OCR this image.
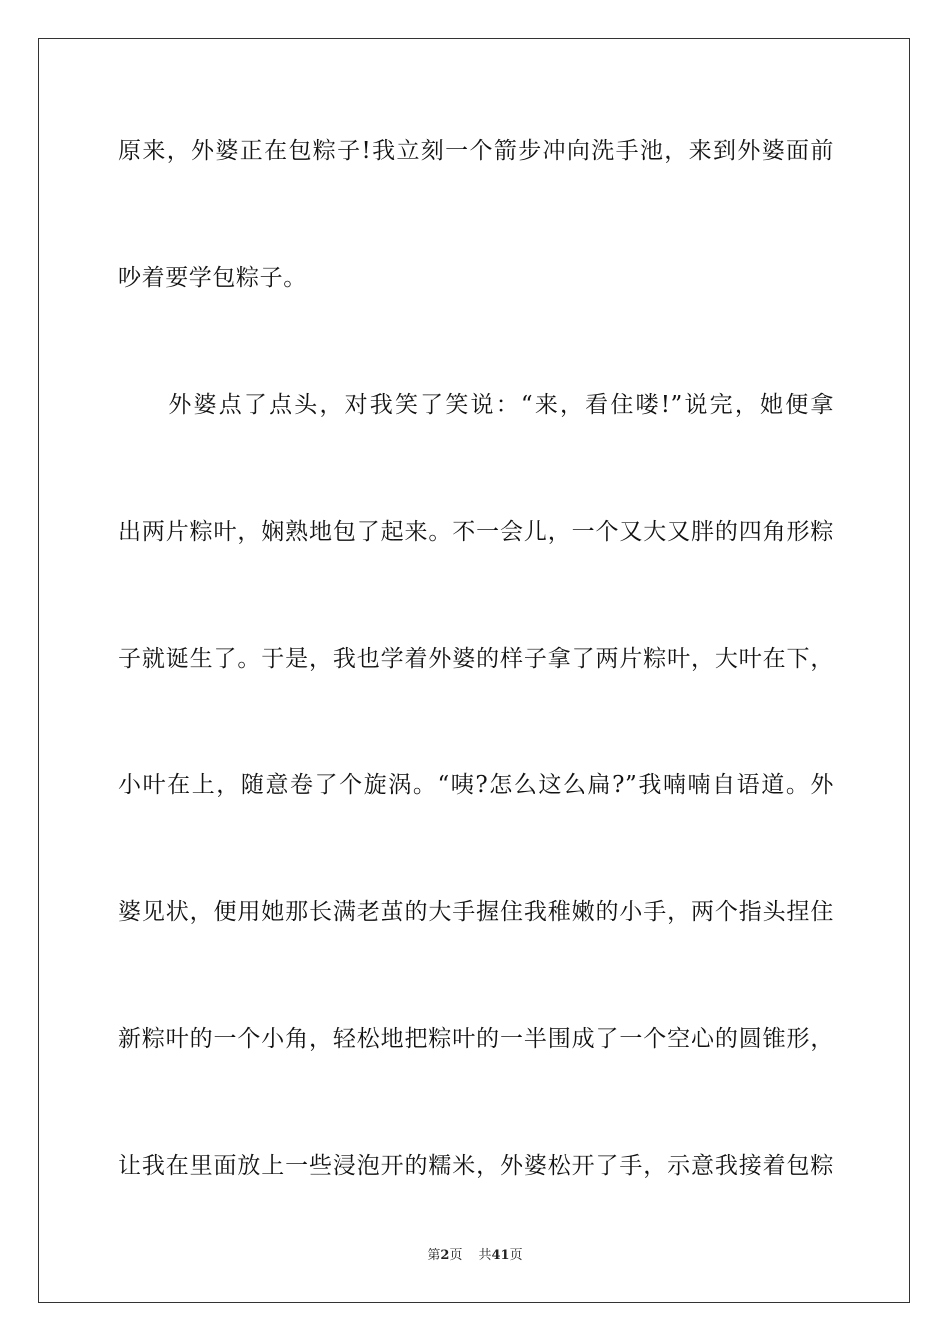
原来，外婆正在包粽子!我立刻一个箭步冲向洗手池，来到外婆面前
吵着要学包粽子。
　　外婆点了点头，对我笑了笑说：“来，看住喽!”说完，她便拿
出两片粽叶，娴熟地包了起来。不一会儿，一个又大又胖的四角形粽
子就诞生了。于是，我也学着外婆的样子拿了两片粽叶，大叶在下，
小叶在上，随意卷了个旋涡。“咦?怎么这么扁?”我喃喃自语道。外
婆见状，便用她那长满老茧的大手握住我稚嫩的小手，两个指头捏住
新粽叶的一个小角，轻松地把粽叶的一半围成了一个空心的圆锥形，
让我在里面放上一些浸泡开的糯米，外婆松开了手，示意我接着包粽
第2页 共41页
